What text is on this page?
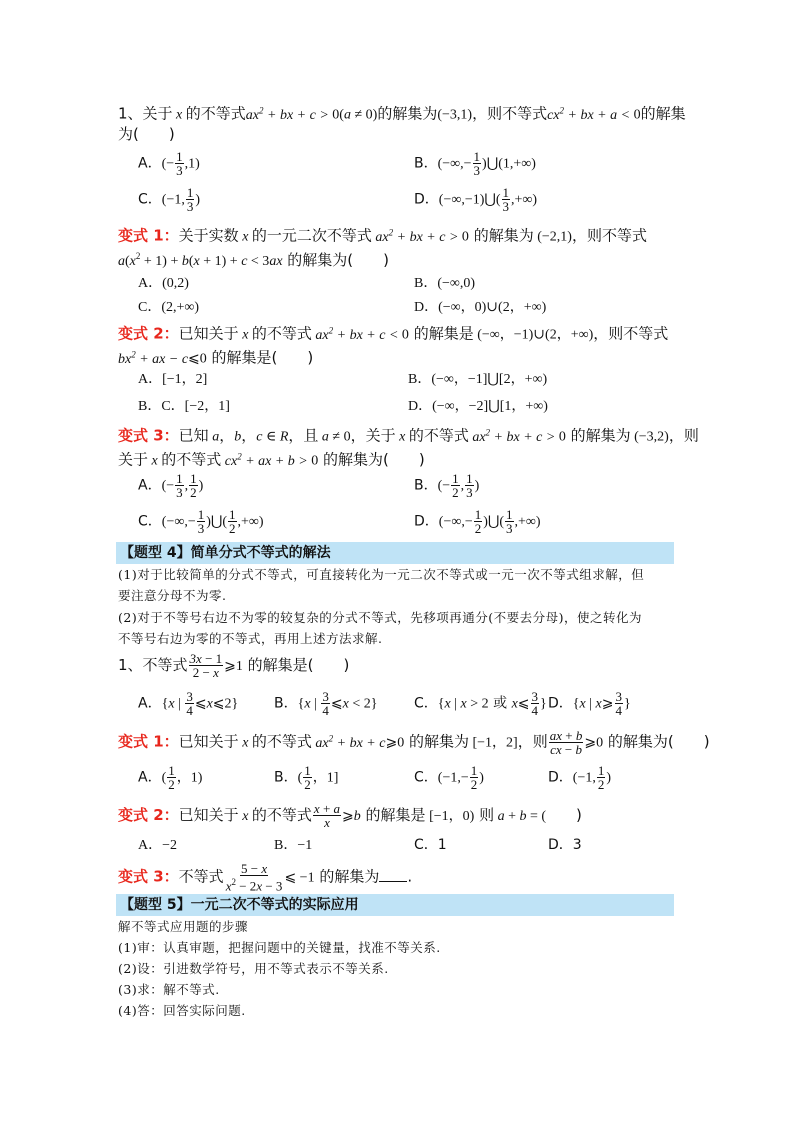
1、关于 x 的不等式$ax^2$ + bx + c > 0(a ≠ 0)的解集为(−3,1)，则不等式$cx^2$ + bx + a < 0的解集
为(　　)
A．(− $\frac{1}{3} ,1$)	B．(−∞,− $\frac{1}{3}$ )⋃(1,+∞)
C．(−1, $\frac{1}{3}$ )	D．(−∞,−1)⋃( $\frac{1}{3}$ ,+∞)
变式 1：关于实数 x 的一元二次不等式 $ax^2$ + bx + c > 0 的解集为 (−2,1)，则不等式
$a(x^2 + 1) + b(x + 1) + c < 3ax$ 的解集为(　　)
A．(0,2)	B．(−∞,0)
C．(2,+∞)	D．(−∞，0)∪(2，+∞)
变式 2：已知关于 x 的不等式 $ax^2$ + bx + c < 0 的解集是 (−∞，−1)∪(2，+∞)，则不等式
$bx^2$ + ax − c⩽0 的解集是(　　)
A．[−1，2]	B．(−∞，−1]⋃[2，+∞)
B．C．[−2，1]	D．(−∞，−2]⋃[1，+∞)
变式 3：已知 a，b，c ∈ R，且 a ≠ 0，关于 x 的不等式 $ax^2$ + bx + c > 0 的解集为 (−3,2)，则
关于 x 的不等式 $cx^2$ + ax + b > 0 的解集为(　　)
A．(− $\frac{1}{3}$ , $\frac{1}{2}$ )	B．(− $\frac{1}{2}$ , $\frac{1}{3}$ )
C．(−∞,− $\frac{1}{3}$ )⋃( $\frac{1}{2}$ ,+∞)	D．(−∞,− $\frac{1}{2}$ )⋃( $\frac{1}{3}$ ,+∞)
【题型 4】简单分式不等式的解法
(1)对于比较简单的分式不等式，可直接转化为一元二次不等式或一元一次不等式组求解，但
要注意分母不为零.
(2)对于不等号右边不为零的较复杂的分式不等式，先移项再通分(不要去分母)，使之转化为
不等号右边为零的不等式，再用上述方法求解.
1、不等式 $\frac{3x - 1}{2 - x}$ ⩾1 的解集是(　　)
A．{x | $\frac{3}{4}$ ⩽x⩽2}	B．{x | $\frac{3}{4}$ ⩽x < 2}	C．{x | x > 2 或 x⩽ $\frac{3}{4}$ } D．{x | x⩾ $\frac{3}{4}$ }
变式 1：已知关于 x 的不等式 $ax^2$ + bx + c⩾0 的解集为 [−1，2]，则 $\frac{ax + b}{cx - b}$ ⩾0 的解集为(　　)
A．( $\frac{1}{2}$ ，1)	B．( $\frac{1}{2}$ ，1]	C．($-1,- \frac{1}{2}$ )	D．(−1, $\frac{1}{2}$ )
变式 2：已知关于 x 的不等式 $\frac{x + a}{x}$ ⩾b 的解集是 [−1，0) 则 a + b = (　　)
A．−2	B．−1	C．1	D．3
变式 3：不等式 $\frac{5 - x}{x^2 - 2x - 3}$ ⩽ −1 的解集为 .
【题型 5】一元二次不等式的实际应用
解不等式应用题的步骤
(1)审：认真审题，把握问题中的关键量，找准不等关系.
(2)设：引进数学符号，用不等式表示不等关系.
(3)求：解不等式.
(4)答：回答实际问题.
